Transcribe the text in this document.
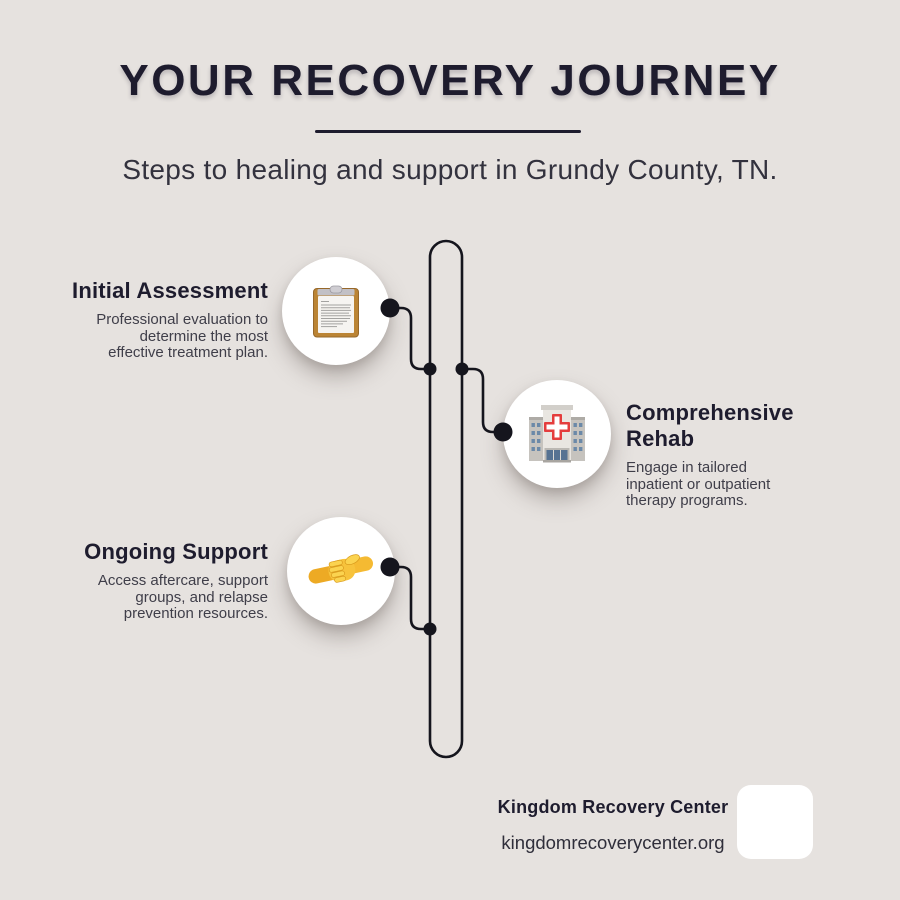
YOUR RECOVERY JOURNEY
Steps to healing and support in Grundy County, TN.
Initial Assessment
Professional evaluation to
determine the most
effective treatment plan.
Comprehensive Rehab
Engage in tailored
inpatient or outpatient
therapy programs.
Ongoing Support
Access aftercare, support
groups, and relapse
prevention resources.
Kingdom Recovery Center
kingdomrecoverycenter.org
